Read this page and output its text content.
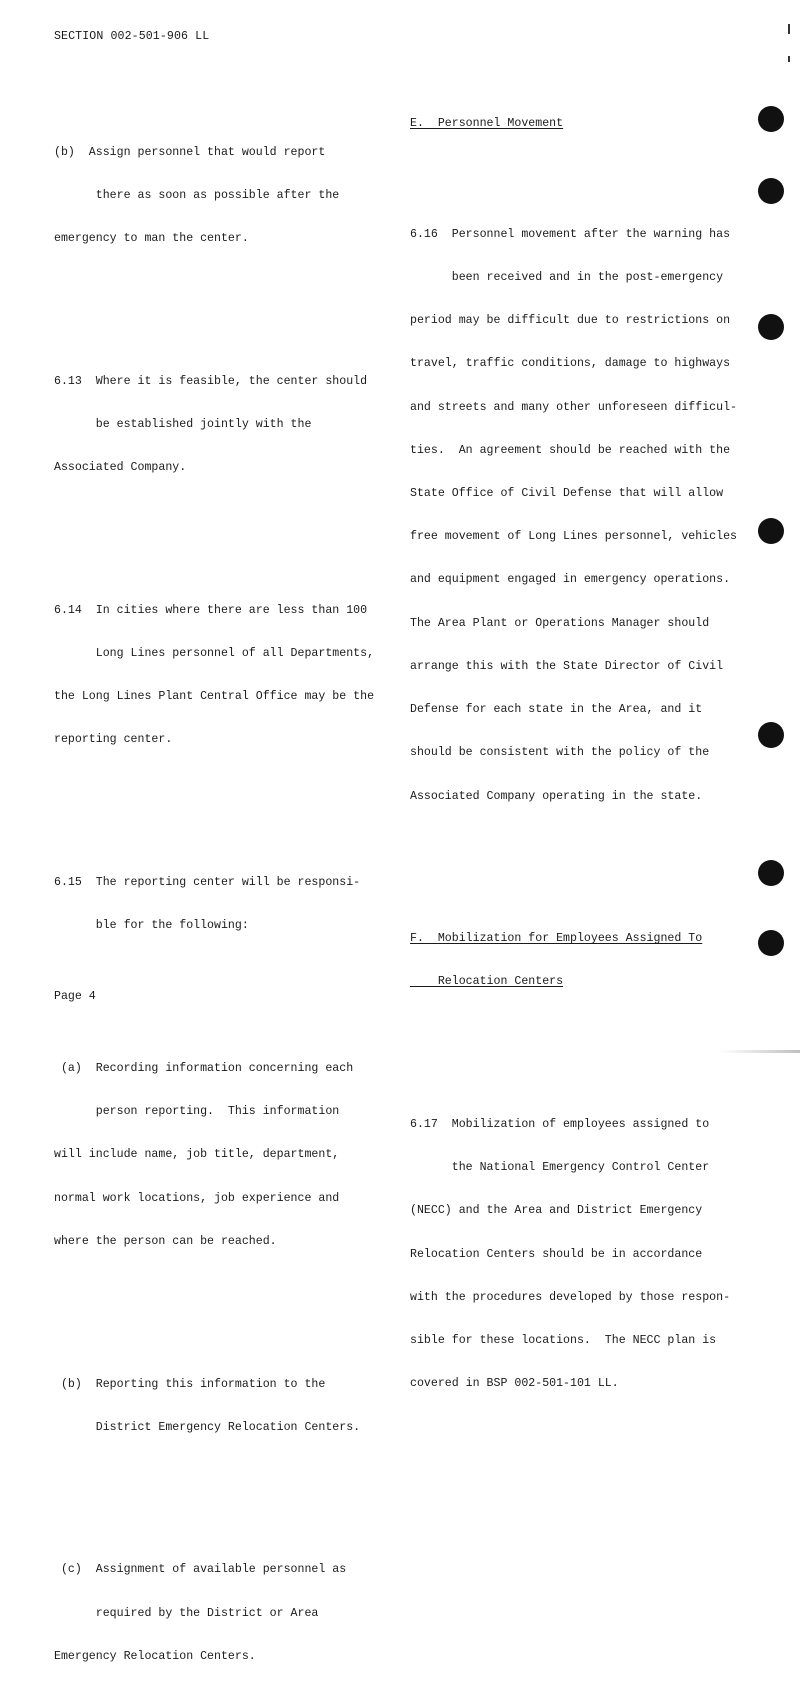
SECTION 002-501-906 LL

(b)  Assign personnel that would report

there as soon as possible after the

emergency to man the center.

6.13  Where it is feasible, the center should

be established jointly with the

Associated Company.

6.14  In cities where there are less than 100

Long Lines personnel of all Departments,

the Long Lines Plant Central Office may be the

reporting center.

6.15  The reporting center will be responsi-

ble for the following:

(a)  Recording information concerning each

person reporting.  This information

will include name, job title, department,

normal work locations, job experience and

where the person can be reached.

(b)  Reporting this information to the

District Emergency Relocation Centers.

(c)  Assignment of available personnel as

required by the District or Area

Emergency Relocation Centers.

E.  Personnel Movement

6.16  Personnel movement after the warning has

been received and in the post-emergency

period may be difficult due to restrictions on

travel, traffic conditions, damage to highways

and streets and many other unforeseen difficul-

ties.  An agreement should be reached with the

State Office of Civil Defense that will allow

free movement of Long Lines personnel, vehicles

and equipment engaged in emergency operations.

The Area Plant or Operations Manager should

arrange this with the State Director of Civil

Defense for each state in the Area, and it

should be consistent with the policy of the

Associated Company operating in the state.

F.  Mobilization for Employees Assigned To

Relocation Centers

6.17  Mobilization of employees assigned to

the National Emergency Control Center

(NECC) and the Area and District Emergency

Relocation Centers should be in accordance

with the procedures developed by those respon-

sible for these locations.  The NECC plan is

covered in BSP 002-501-101 LL.

Page 4
